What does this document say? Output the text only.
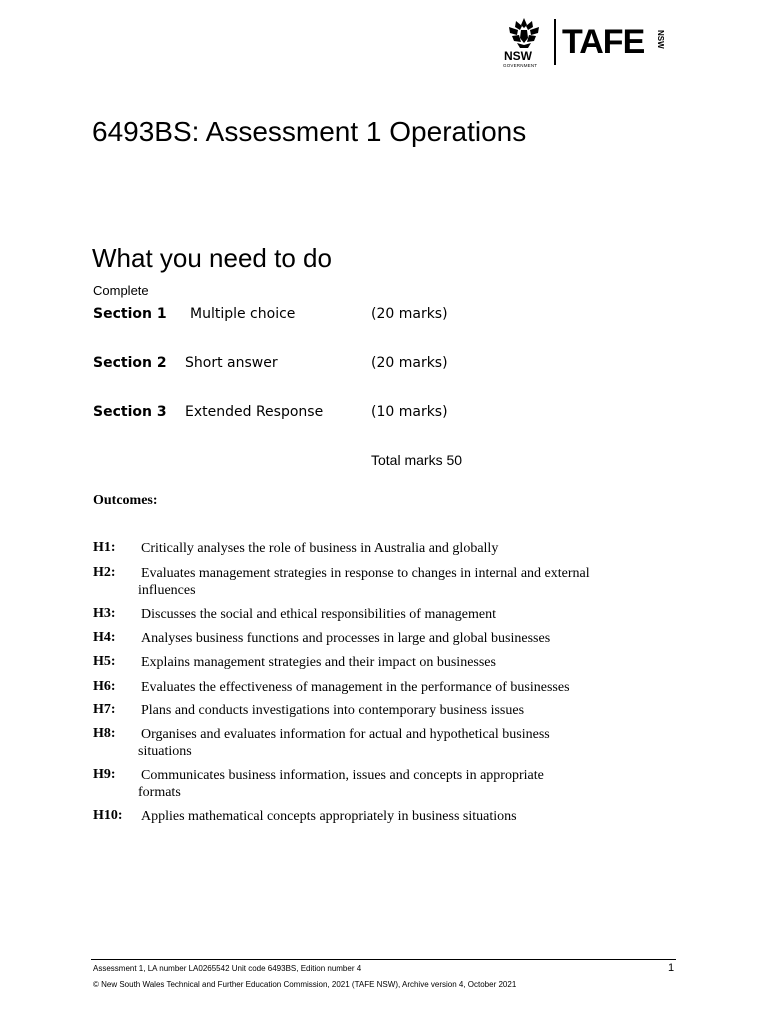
NSW
GOVERNMENT
TAFE NSW
6493BS: Assessment 1 Operations
What you need to do
Complete
Section 1 Multiple choice	(20 marks)
Section 2 Short answer	(20 marks)
Section 3 Extended Response	(10 marks)
Total marks 50
Outcomes:
H1: Critically analyses the role of business in Australia and globally
H2: Evaluates management strategies in response to changes in internal and external
influences
H3: Discusses the social and ethical responsibilities of management
H4: Analyses business functions and processes in large and global businesses
H5: Explains management strategies and their impact on businesses
H6: Evaluates the effectiveness of management in the performance of businesses
H7: Plans and conducts investigations into contemporary business issues
H8: Organises and evaluates information for actual and hypothetical business
situations
H9: Communicates business information, issues and concepts in appropriate
formats
H10: Applies mathematical concepts appropriately in business situations
Assessment 1, LA number LA0265542 Unit code 6493BS, Edition number 4	1
© New South Wales Technical and Further Education Commission, 2021 (TAFE NSW), Archive version 4, October 2021
